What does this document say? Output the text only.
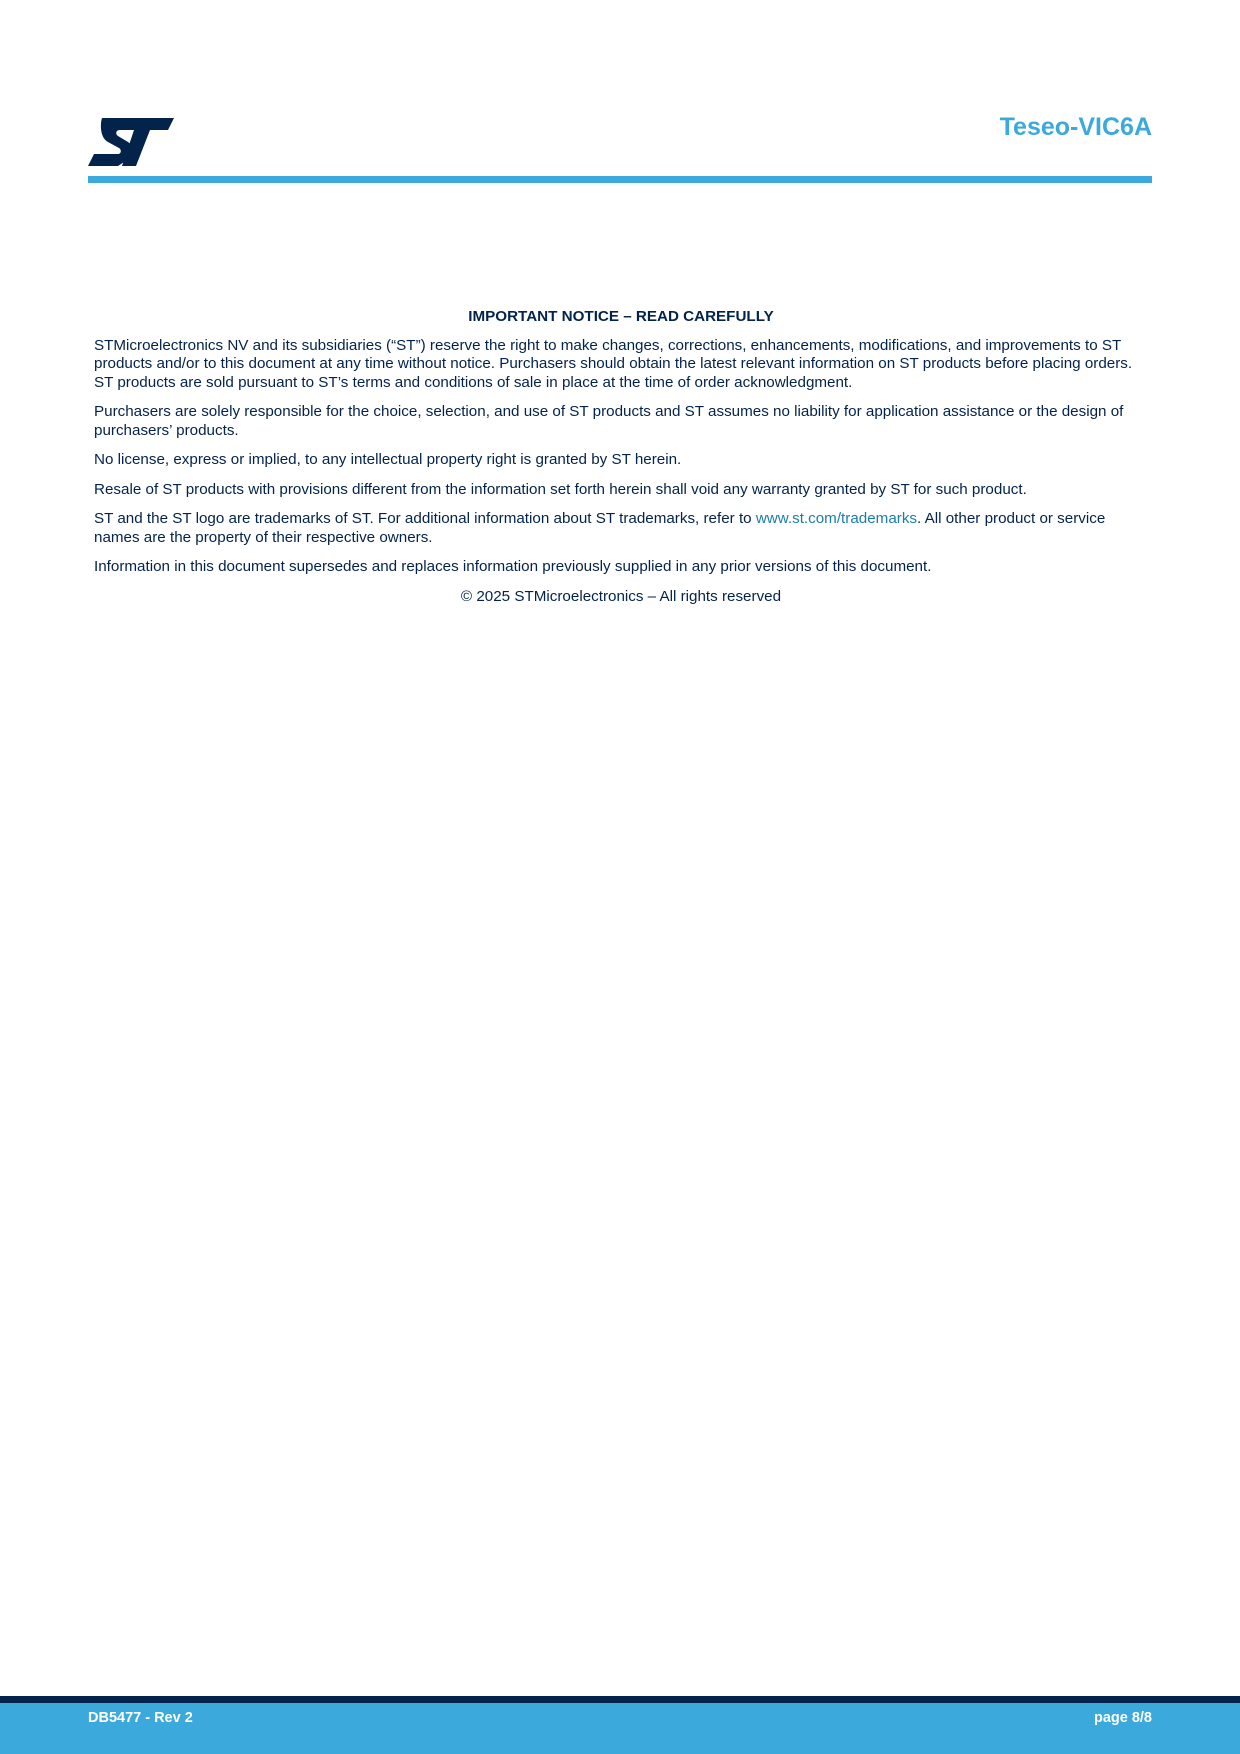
Teseo-VIC6A
IMPORTANT NOTICE – READ CAREFULLY

STMicroelectronics NV and its subsidiaries (“ST”) reserve the right to make changes, corrections, enhancements, modifications, and improvements to ST products and/or to this document at any time without notice. Purchasers should obtain the latest relevant information on ST products before placing orders. ST products are sold pursuant to ST’s terms and conditions of sale in place at the time of order acknowledgment.

Purchasers are solely responsible for the choice, selection, and use of ST products and ST assumes no liability for application assistance or the design of purchasers’ products.

No license, express or implied, to any intellectual property right is granted by ST herein.

Resale of ST products with provisions different from the information set forth herein shall void any warranty granted by ST for such product.

ST and the ST logo are trademarks of ST. For additional information about ST trademarks, refer to www.st.com/trademarks. All other product or service names are the property of their respective owners.

Information in this document supersedes and replaces information previously supplied in any prior versions of this document.

© 2025 STMicroelectronics – All rights reserved
DB5477 - Rev 2	page 8/8
